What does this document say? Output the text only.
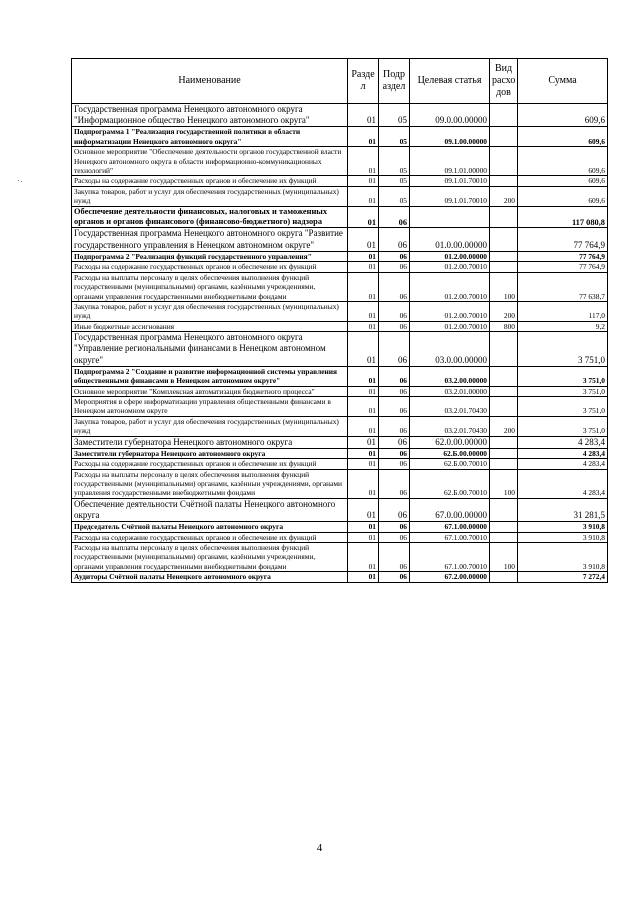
Наименование	Разде л	Подр аздел	Целевая статья	Вид расхо дов	Сумма
Государственная программа Ненецкого автономного округа "Информационное общество Ненецкого автономного округа"	01	05	09.0.00.00000		609,6
Подпрограмма 1 "Реализация государственной политики в области информатизации Ненецкого автономного округа"	01	05	09.1.00.00000		609,6
Основное мероприятие "Обеспечение деятельности органов государственной власти Ненецкого автономного округа в области информационно-коммуникационных технологий"	01	05	09.1.01.00000		609,6
Расходы на содержание государственных органов и обеспечение их функций	01	05	09.1.01.70010		609,6
Закупка товаров, работ и услуг для обеспечения государственных (муниципальных) нужд	01	05	09.1.01.70010	200	609,6
Обеспечение деятельности финансовых, налоговых и таможенных органов и органов финансового (финансово-бюджетного) надзора	01	06			117 080,8
Государственная программа Ненецкого автономного округа "Развитие государственного управления в Ненецком автономном округе"	01	06	01.0.00.00000		77 764,9
Подпрограмма 2 "Реализация функций государственного управления"	01	06	01.2.00.00000		77 764,9
Расходы на содержание государственных органов и обеспечение их функций	01	06	01.2.00.70010		77 764,9
Расходы на выплаты персоналу в целях обеспечения выполнения функций государственными (муниципальными) органами, казёнными учреждениями, органами управления государственными внебюджетными фондами	01	06	01.2.00.70010	100	77 638,7
Закупка товаров, работ и услуг для обеспечения государственных (муниципальных) нужд	01	06	01.2.00.70010	200	117,0
Иные бюджетные ассигнования	01	06	01.2.00.70010	800	9,2
Государственная программа Ненецкого автономного округа "Управление региональными финансами в Ненецком автономном округе"	01	06	03.0.00.00000		3 751,0
Подпрограмма 2 "Создание и развитие информационной системы управления общественными финансами в Ненецком автономном округе"	01	06	03.2.00.00000		3 751,0
Основное мероприятие "Комплексная автоматизация бюджетного процесса"	01	06	03.2.01.00000		3 751,0
Мероприятия в сфере информатизации управления общественными финансами в Ненецком автономном округе	01	06	03.2.01.70430		3 751,0
Закупка товаров, работ и услуг для обеспечения государственных (муниципальных) нужд	01	06	03.2.01.70430	200	3 751,0
Заместители губернатора Ненецкого автономного округа	01	06	62.0.00.00000		4 283,4
Заместители губернатора Ненецкого автономного округа	01	06	62.Б.00.00000		4 283,4
Расходы на содержание государственных органов и обеспечение их функций	01	06	62.Б.00.70010		4 283,4
Расходы на выплаты персоналу в целях обеспечения выполнения функций государственными (муниципальными) органами, казённыи учреждениями, органами управления государственными внебюджетными фондами	01	06	62.Б.00.70010	100	4 283,4
Обеспечение деятельности Счётной палаты Ненецкого автономного округа	01	06	67.0.00.00000		31 281,5
Председатель Счётной палаты Ненецкого автономного округа	01	06	67.1.00.00000		3 910,8
Расходы на содержание государственных органов и обеспечение их функций	01	06	67.1.00.70010		3 910,8
Расходы на выплаты персоналу в целях обеспечения выполнения функций государственными (муниципальными) органами, казёнными учреждениями, органами управления государственными внебюджетными фондами	01	06	67.1.00.70010	100	3 910,8
Аудиторы Счётной палаты Ненецкого автономного округа	01	06	67.2.00.00000		7 272,4
4
